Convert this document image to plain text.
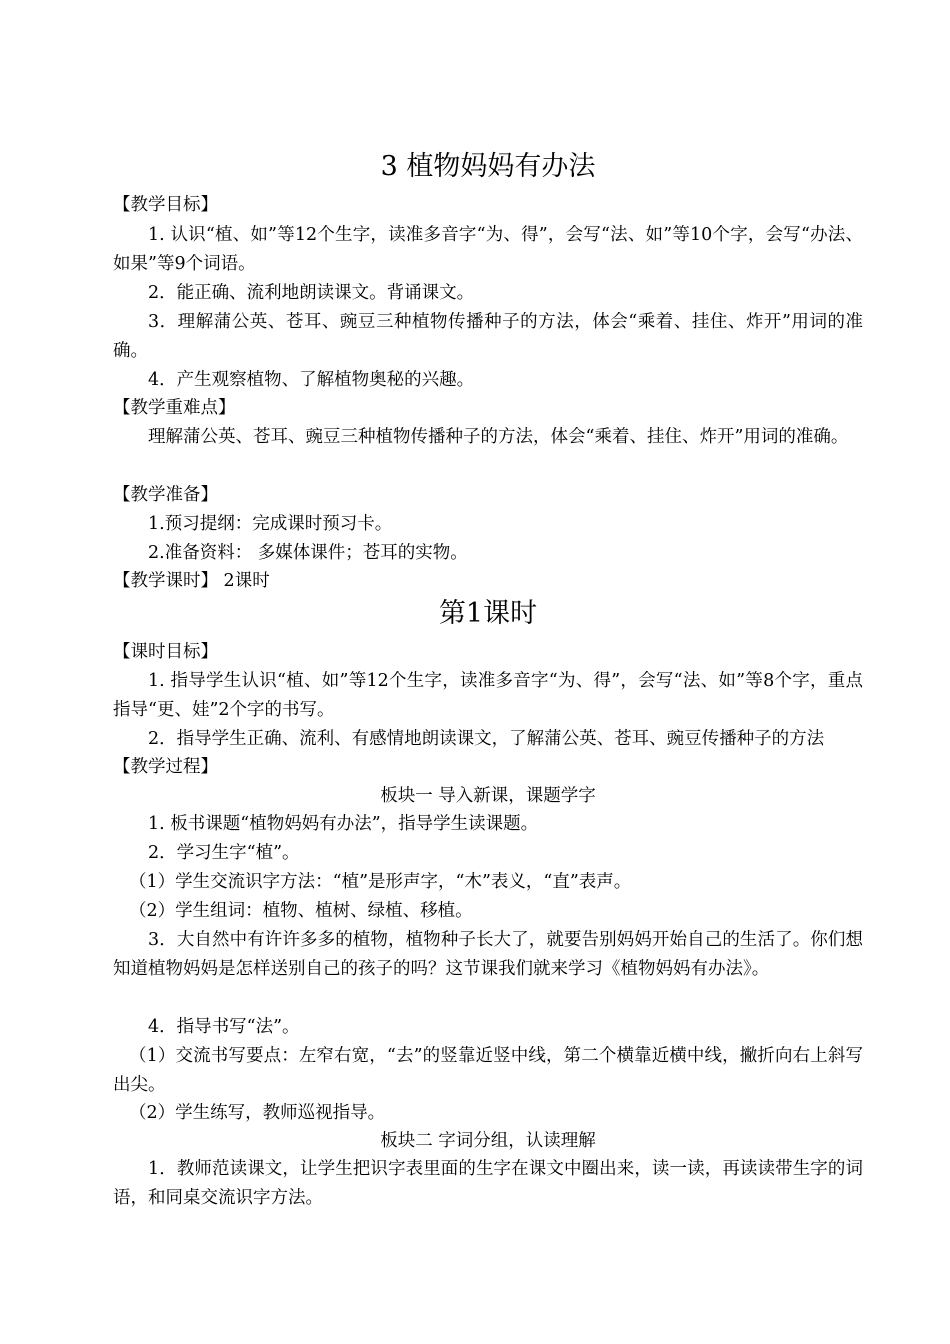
3 植物妈妈有办法
【教学目标】
1. 认识“植、如”等12个生字，读准多音字“为、得”，会写“法、如”等10个字，会写“办法、如果”等9个词语。
2．能正确、流利地朗读课文。背诵课文。
3．理解蒲公英、苍耳、豌豆三种植物传播种子的方法，体会“乘着、挂住、炸开”用词的准确。
4．产生观察植物、了解植物奥秘的兴趣。
【教学重难点】
理解蒲公英、苍耳、豌豆三种植物传播种子的方法，体会“乘着、挂住、炸开”用词的准确。
【教学准备】
1.预习提纲：完成课时预习卡。
2.准备资料： 多媒体课件；苍耳的实物。
【教学课时】 2课时
第1课时
【课时目标】
1. 指导学生认识“植、如”等12个生字，读准多音字“为、得”，会写“法、如”等8个字，重点指导“更、娃”2个字的书写。
2．指导学生正确、流利、有感情地朗读课文，了解蒲公英、苍耳、豌豆传播种子的方法
【教学过程】
板块一 导入新课，课题学字
1. 板书课题“植物妈妈有办法”，指导学生读课题。
2．学习生字“植”。
（1）学生交流识字方法：“植”是形声字，“木”表义，“直”表声。
（2）学生组词：植物、植树、绿植、移植。
3．大自然中有许许多多的植物，植物种子长大了，就要告别妈妈开始自己的生活了。你们想知道植物妈妈是怎样送别自己的孩子的吗？这节课我们就来学习《植物妈妈有办法》。
4．指导书写“法”。
（1）交流书写要点：左窄右宽，“去”的竖靠近竖中线，第二个横靠近横中线，撇折向右上斜写出尖。
（2）学生练写，教师巡视指导。
板块二 字词分组，认读理解
1．教师范读课文，让学生把识字表里面的生字在课文中圈出来，读一读，再读读带生字的词语，和同桌交流识字方法。
